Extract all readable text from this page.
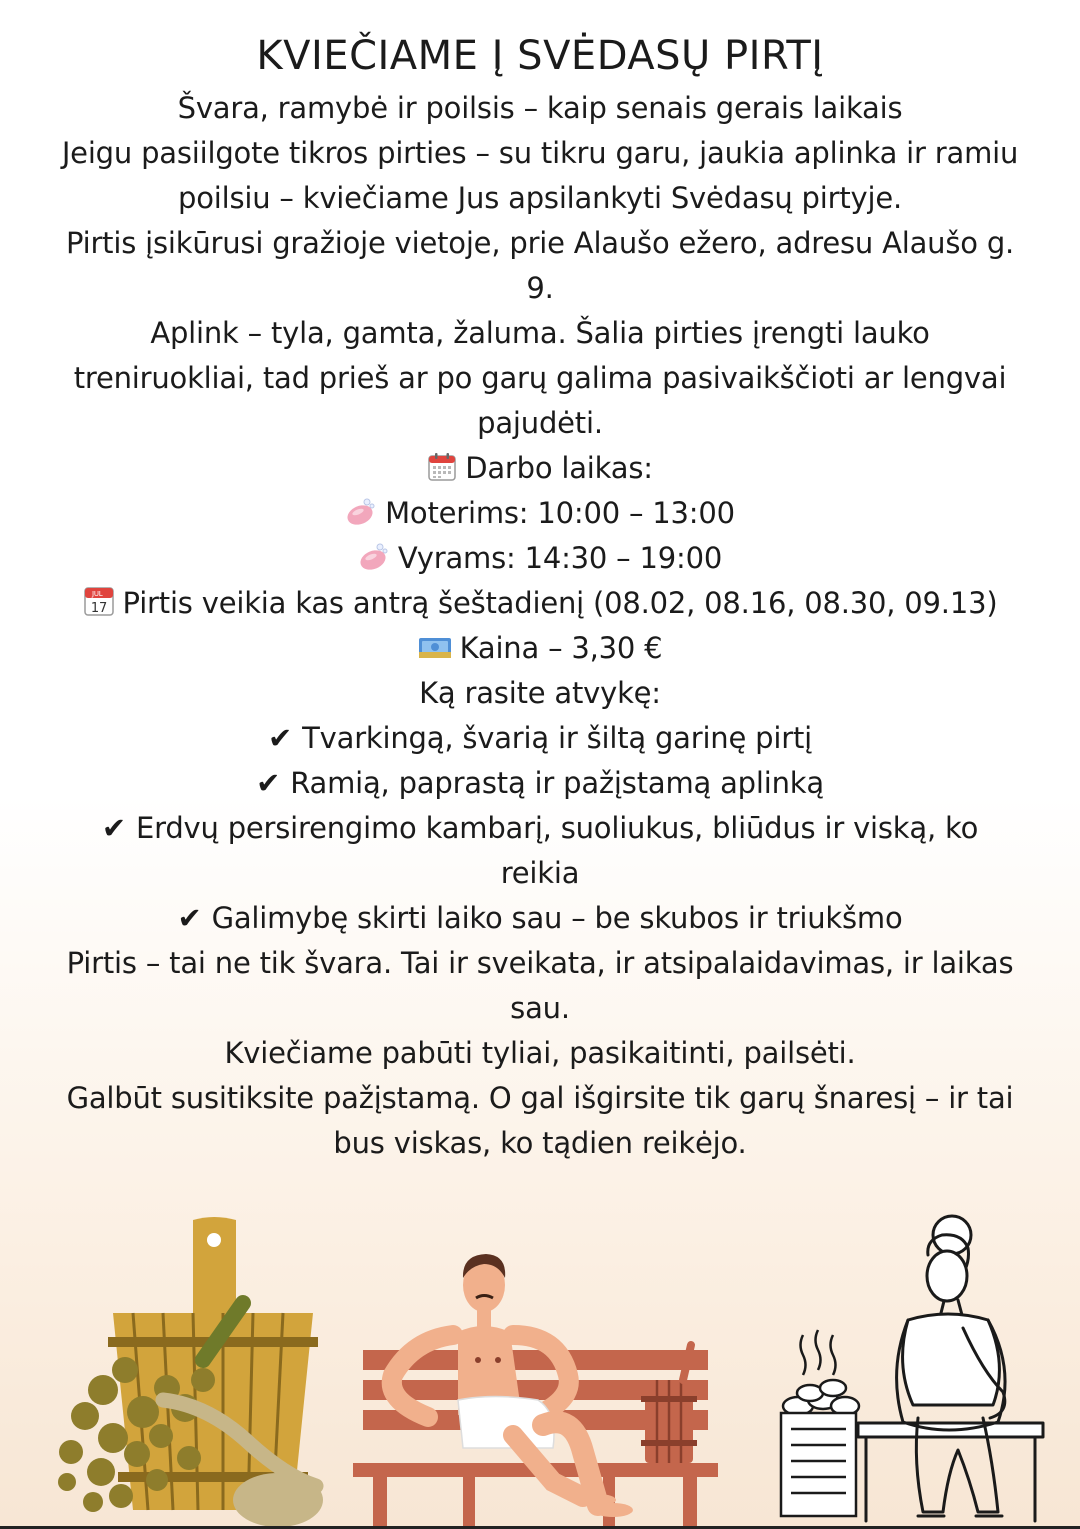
KVIEČIAME Į SVĖDASŲ PIRTĮ

Švara, ramybė ir poilsis – kaip senais gerais laikais

Jeigu pasiilgote tikros pirties – su tikru garu, jaukia aplinka ir ramiu

poilsiu – kviečiame Jus apsilankyti Svėdasų pirtyje.

Pirtis įsikūrusi gražioje vietoje, prie Alaušo ežero, adresu Alaušo g.

9.

Aplink – tyla, gamta, žaluma. Šalia pirties įrengti lauko

treniruokliai, tad prieš ar po garų galima pasivaikščioti ar lengvai

pajudėti.

Darbo laikas:

Moterims: 10:00 – 13:00

Vyrams: 14:30 – 19:00

JUL
17 Pirtis veikia kas antrą šeštadienį (08.02, 08.16, 08.30, 09.13)

Kaina – 3,30 €

Ką rasite atvykę:

✔ Tvarkingą, švarią ir šiltą garinę pirtį

✔ Ramią, paprastą ir pažįstamą aplinką

✔ Erdvų persirengimo kambarį, suoliukus, bliūdus ir viską, ko

reikia

✔ Galimybę skirti laiko sau – be skubos ir triukšmo

Pirtis – tai ne tik švara. Tai ir sveikata, ir atsipalaidavimas, ir laikas

sau.

Kviečiame pabūti tyliai, pasikaitinti, pailsėti.

Galbūt susitiksite pažįstamą. O gal išgirsite tik garų šnaresį – ir tai

bus viskas, ko tądien reikėjo.
